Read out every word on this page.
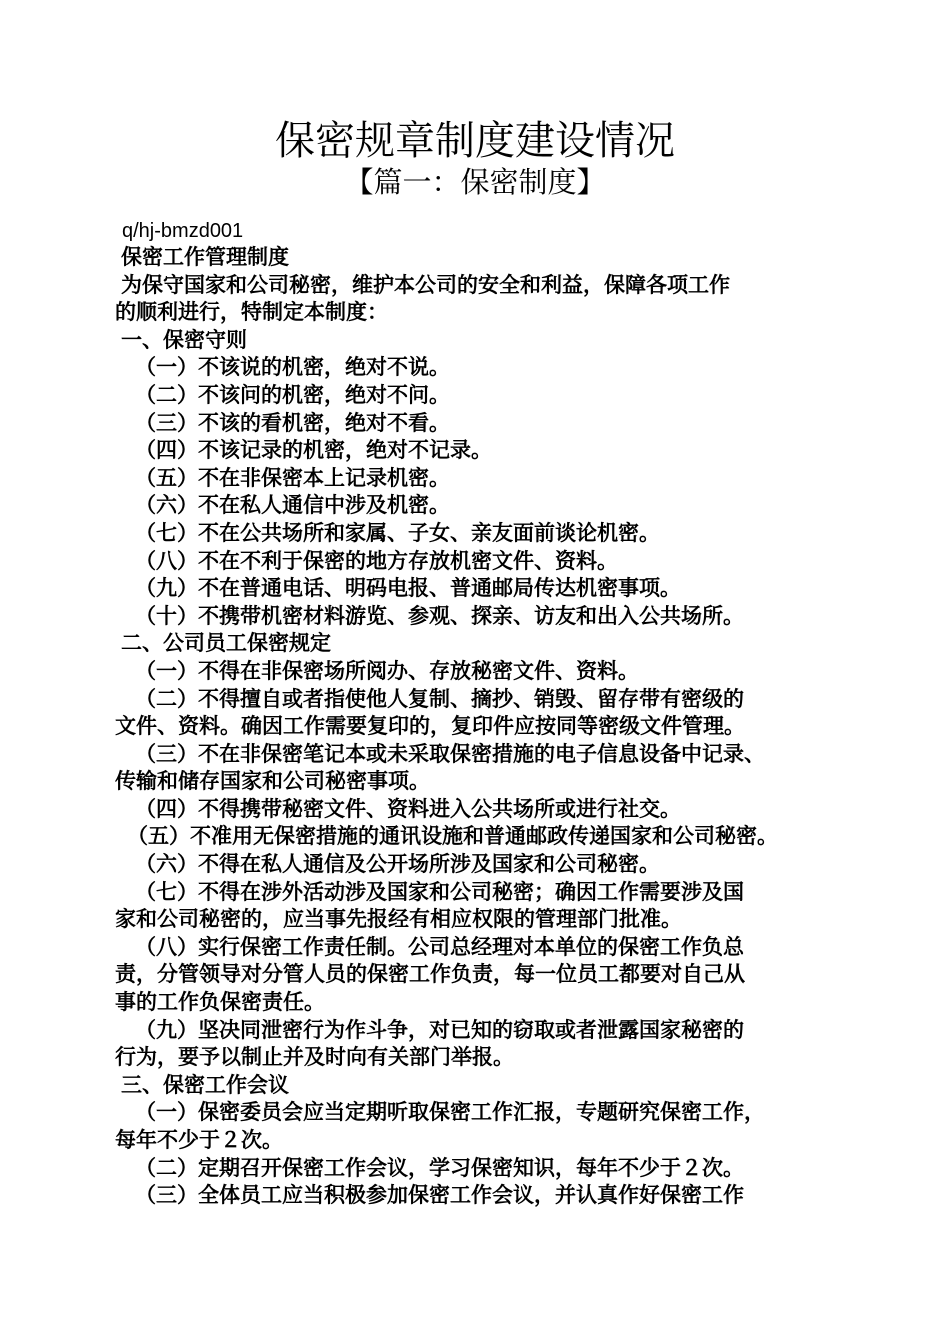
保密规章制度建设情况
【篇一：保密制度】
q/hj-bmzd001
保密工作管理制度
为保守国家和公司秘密，维护本公司的安全和利益，保障各项工作
的顺利进行，特制定本制度：
一、保密守则
（一）不该说的机密，绝对不说。
（二）不该问的机密，绝对不问。
（三）不该的看机密，绝对不看。
（四）不该记录的机密，绝对不记录。
（五）不在非保密本上记录机密。
（六）不在私人通信中涉及机密。
（七）不在公共场所和家属、子女、亲友面前谈论机密。
（八）不在不利于保密的地方存放机密文件、资料。
（九）不在普通电话、明码电报、普通邮局传达机密事项。
（十）不携带机密材料游览、参观、探亲、访友和出入公共场所。
二、公司员工保密规定
（一）不得在非保密场所阅办、存放秘密文件、资料。
（二）不得擅自或者指使他人复制、摘抄、销毁、留存带有密级的
文件、资料。确因工作需要复印的，复印件应按同等密级文件管理。
（三）不在非保密笔记本或未采取保密措施的电子信息设备中记录、
传输和储存国家和公司秘密事项。
（四）不得携带秘密文件、资料进入公共场所或进行社交。
（五）不准用无保密措施的通讯设施和普通邮政传递国家和公司秘密。
（六）不得在私人通信及公开场所涉及国家和公司秘密。
（七）不得在涉外活动涉及国家和公司秘密；确因工作需要涉及国
家和公司秘密的，应当事先报经有相应权限的管理部门批准。
（八）实行保密工作责任制。公司总经理对本单位的保密工作负总
责，分管领导对分管人员的保密工作负责，每一位员工都要对自己从
事的工作负保密责任。
（九）坚决同泄密行为作斗争，对已知的窃取或者泄露国家秘密的
行为，要予以制止并及时向有关部门举报。
三、保密工作会议
（一）保密委员会应当定期听取保密工作汇报，专题研究保密工作，
每年不少于２次。
（二）定期召开保密工作会议，学习保密知识，每年不少于２次。
（三）全体员工应当积极参加保密工作会议，并认真作好保密工作
